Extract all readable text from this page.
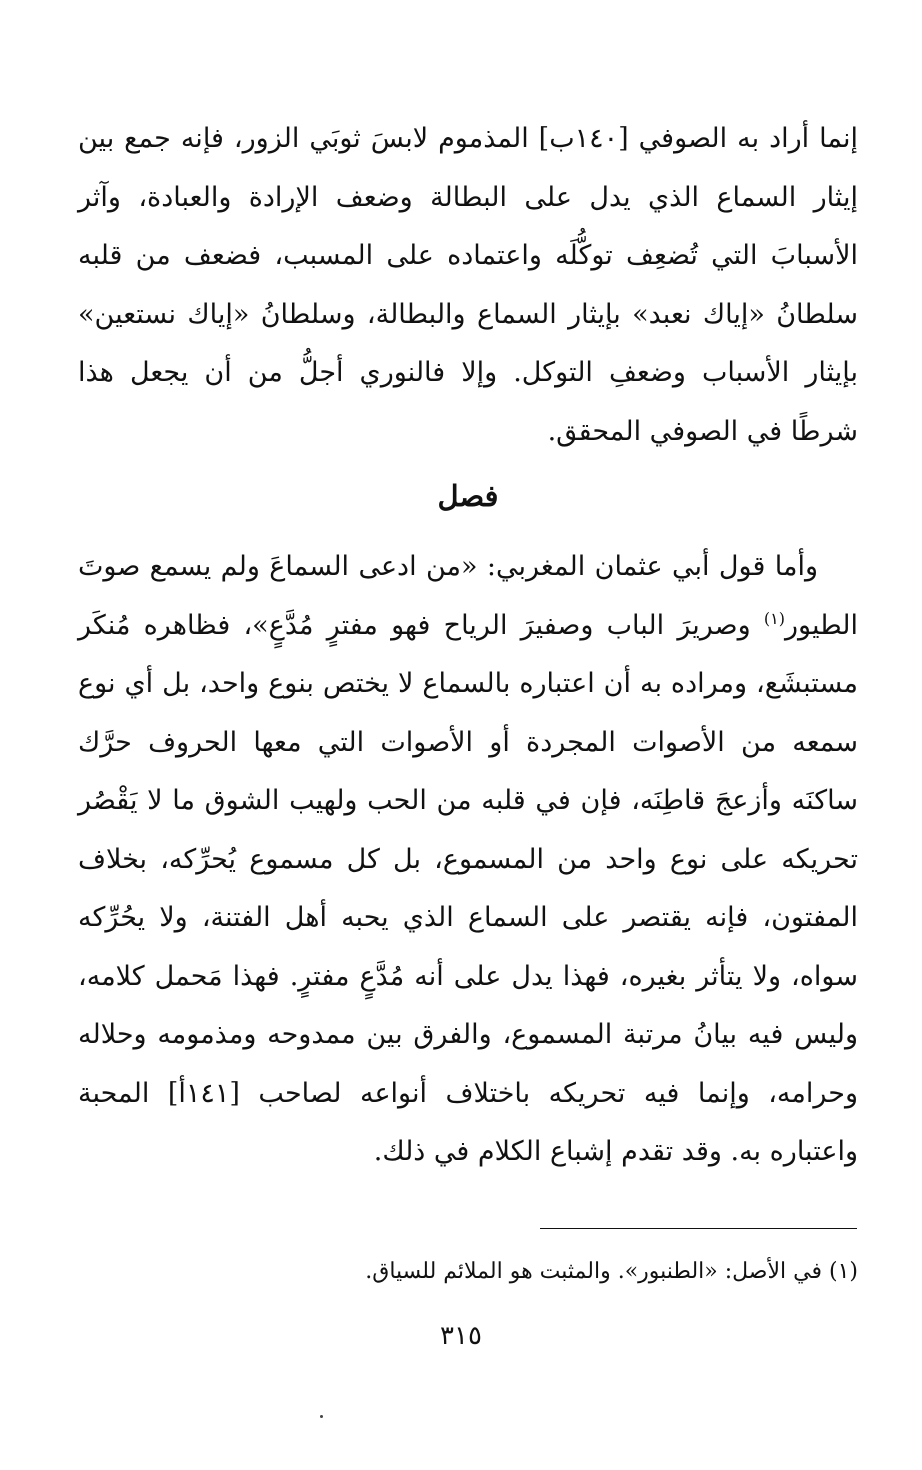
إنما أراد به الصوفي [١٤٠ب] المذموم لابسَ ثوبَي الزور، فإنه جمع بين إيثار السماع الذي يدل على البطالة وضعف الإرادة والعبادة، وآثر الأسبابَ التي تُضعِف توكُّلَه واعتماده على المسبب، فضعف من قلبه سلطانُ «إياك نعبد» بإيثار السماع والبطالة، وسلطانُ «إياك نستعين» بإيثار الأسباب وضعفِ التوكل. وإلا فالنوري أجلُّ من أن يجعل هذا شرطًا في الصوفي المحقق.

فصل

وأما قول أبي عثمان المغربي: «من ادعى السماعَ ولم يسمع صوتَ الطيور$^{(١)}$ وصريرَ الباب وصفيرَ الرياح فهو مفترٍ مُدَّعٍ»، فظاهره مُنكَر مستبشَع، ومراده به أن اعتباره بالسماع لا يختص بنوع واحد، بل أي نوع سمعه من الأصوات المجردة أو الأصوات التي معها الحروف حرَّك ساكنَه وأزعجَ قاطِنَه، فإن في قلبه من الحب ولهيب الشوق ما لا يَقْصُر تحريكه على نوع واحد من المسموع، بل كل مسموع يُحرِّكه، بخلاف المفتون، فإنه يقتصر على السماع الذي يحبه أهل الفتنة، ولا يحُرِّكه سواه، ولا يتأثر بغيره، فهذا يدل على أنه مُدَّعٍ مفترٍ. فهذا مَحمل كلامه، وليس فيه بيانُ مرتبة المسموع، والفرق بين ممدوحه ومذمومه وحلاله وحرامه، وإنما فيه تحريكه باختلاف أنواعه لصاحب [١٤١أ] المحبة واعتباره به. وقد تقدم إشباع الكلام في ذلك.

(١) في الأصل: «الطنبور». والمثبت هو الملائم للسياق.
٣١٥
